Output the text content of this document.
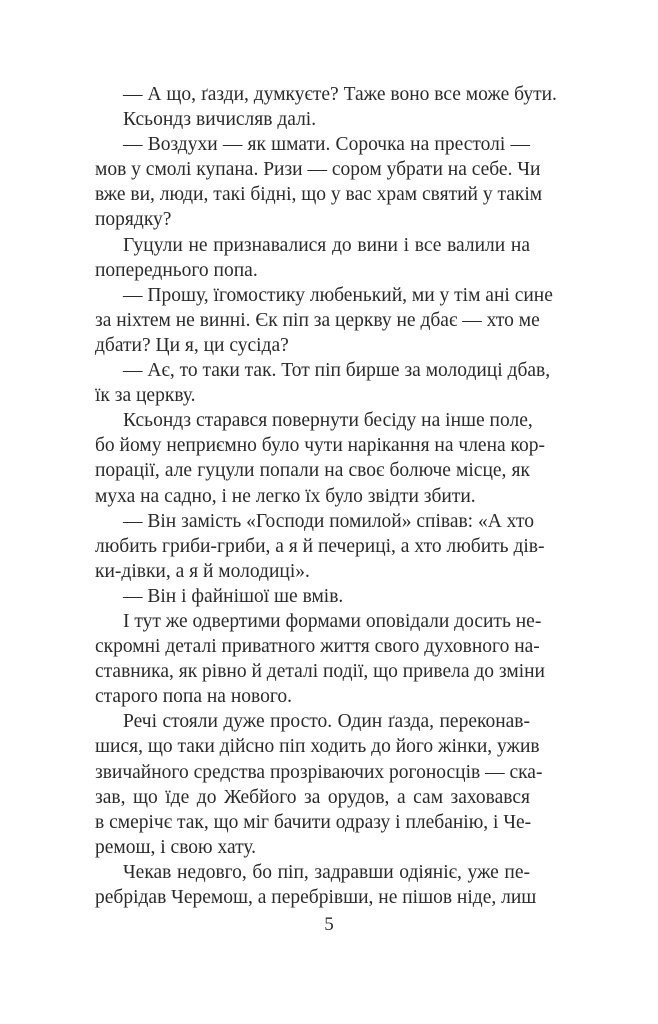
— А що, ґазди, думкуєте? Таже воно все може бути.

Ксьондз вичисляв далі.

— Воздухи — як шмати. Сорочка на престолі —
мов у смолі купана. Ризи — сором убрати на себе. Чи
вже ви, люди, такі бідні, що у вас храм святий у такім
порядку?

Гуцули не признавалися до вини і все валили на
попереднього попа.

— Прошу, їгомостику любенький, ми у тім ані сине
за ніхтем не винні. Єк піп за церкву не дбає — хто ме
дбати? Ци я, ци сусіда?

— Ає, то таки так. Тот піп бирше за молодиці дбав,
їк за церкву.

Ксьондз старався повернути бесіду на інше поле,
бо йому неприємно було чути нарікання на члена кор-
порації, але гуцули попали на своє болюче місце, як
муха на садно, і не легко їх було звідти збити.

— Він замість «Господи помилой» співав: «А хто
любить гриби-гриби, а я й печериці, а хто любить дів-
ки-дівки, а я й молодиці».

— Він і файнішої ше вмів.

І тут же одвертими формами оповідали досить не-
скромні деталі приватного життя свого духовного на-
ставника, як рівно й деталі події, що привела до зміни
старого попа на нового.

Речі стояли дуже просто. Один ґазда, переконав-
шися, що таки дійсно піп ходить до його жінки, ужив
звичайного средства прозріваючих рогоносців — ска-
зав, що їде до Жебйого за орудов, а сам заховався
в смерічє так, що міг бачити одразу і плебанію, і Че-
ремош, і свою хату.

Чекав недовго, бо піп, задравши одіяніє, уже пе-
ребрідав Черемош, а перебрівши, не пішов ніде, лиш

5
